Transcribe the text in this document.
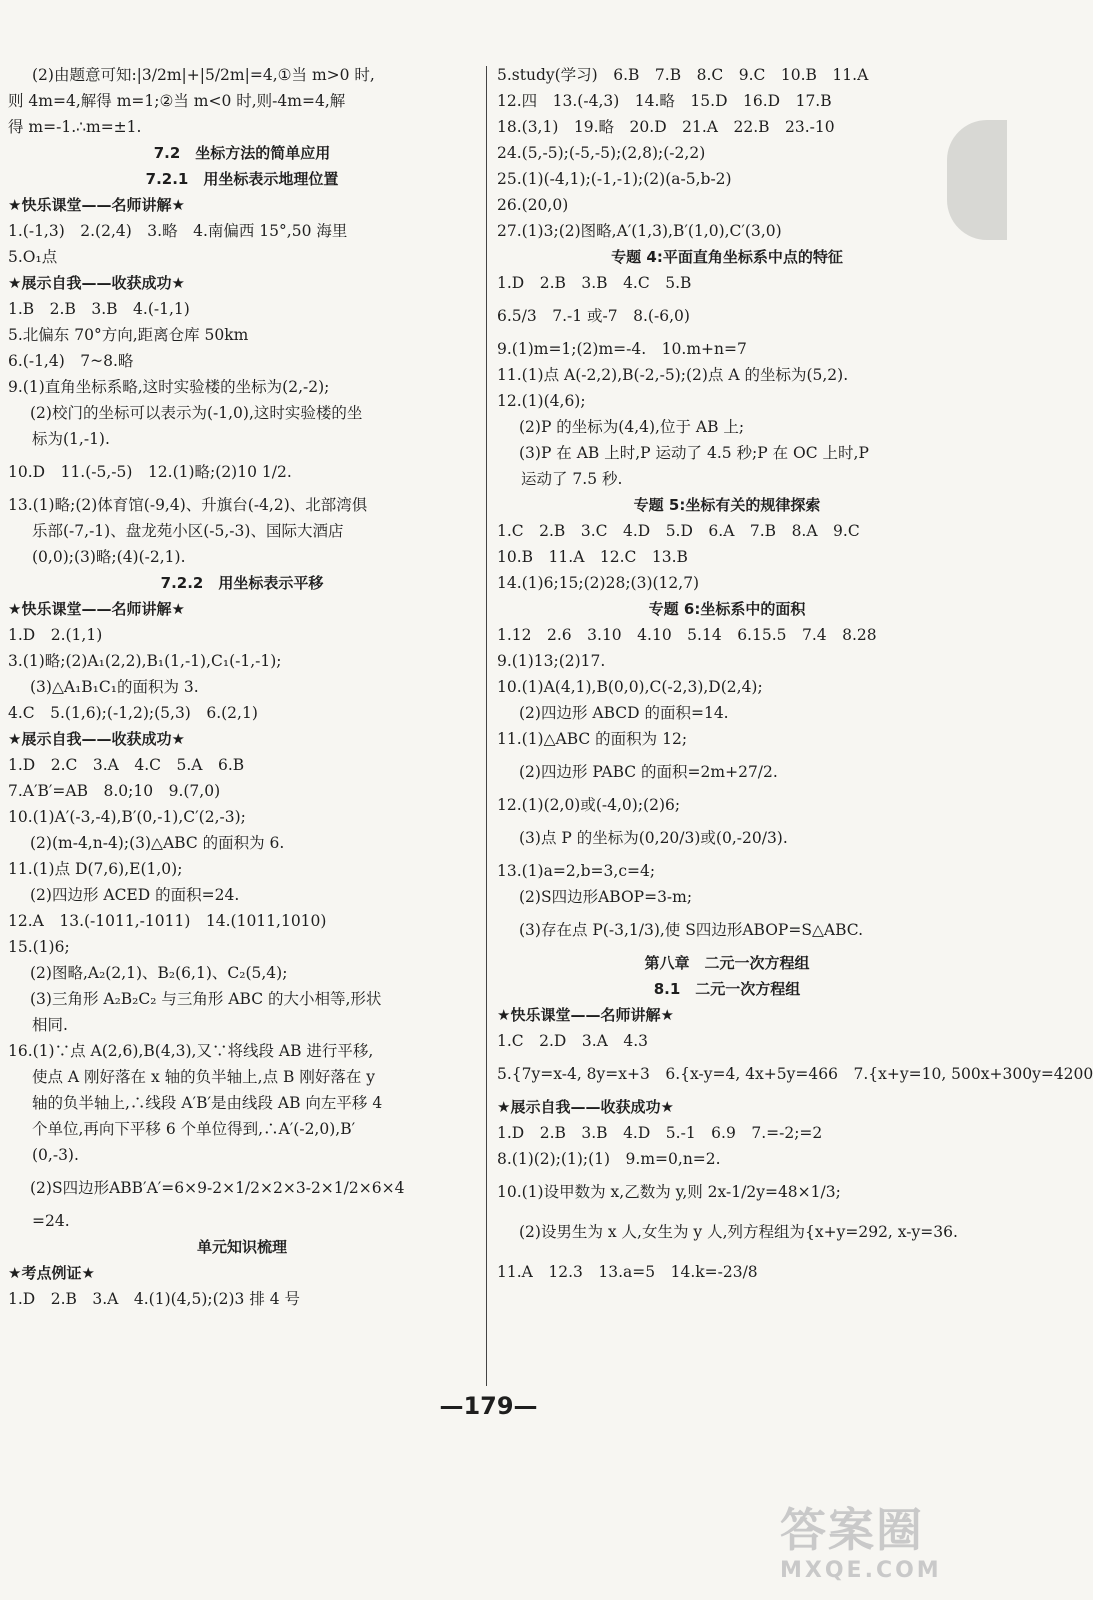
(2)由题意可知:|3/2m|+|5/2m|=4,①当 m>0 时,
则 4m=4,解得 m=1;②当 m<0 时,则-4m=4,解
得 m=-1.∴m=±1.
7.2　坐标方法的简单应用
7.2.1　用坐标表示地理位置
★快乐课堂——名师讲解★
1.(-1,3)　2.(2,4)　3.略　4.南偏西 15°,50 海里
5.O₁点
★展示自我——收获成功★
1.B　2.B　3.B　4.(-1,1)
5.北偏东 70°方向,距离仓库 50km
6.(-1,4)　7~8.略
9.(1)直角坐标系略,这时实验楼的坐标为(2,-2);
(2)校门的坐标可以表示为(-1,0),这时实验楼的坐
标为(1,-1).
10.D　11.(-5,-5)　12.(1)略;(2)10 1/2.
13.(1)略;(2)体育馆(-9,4)、升旗台(-4,2)、北部湾俱
乐部(-7,-1)、盘龙苑小区(-5,-3)、国际大酒店
(0,0);(3)略;(4)(-2,1).
7.2.2　用坐标表示平移
★快乐课堂——名师讲解★
1.D　2.(1,1)
3.(1)略;(2)A₁(2,2),B₁(1,-1),C₁(-1,-1);
(3)△A₁B₁C₁的面积为 3.
4.C　5.(1,6);(-1,2);(5,3)　6.(2,1)
★展示自我——收获成功★
1.D　2.C　3.A　4.C　5.A　6.B
7.A′B′=AB　8.0;10　9.(7,0)
10.(1)A′(-3,-4),B′(0,-1),C′(2,-3);
(2)(m-4,n-4);(3)△ABC 的面积为 6.
11.(1)点 D(7,6),E(1,0);
(2)四边形 ACED 的面积=24.
12.A　13.(-1011,-1011)　14.(1011,1010)
15.(1)6;
(2)图略,A₂(2,1)、B₂(6,1)、C₂(5,4);
(3)三角形 A₂B₂C₂ 与三角形 ABC 的大小相等,形状
相同.
16.(1)∵点 A(2,6),B(4,3),又∵将线段 AB 进行平移,
使点 A 刚好落在 x 轴的负半轴上,点 B 刚好落在 y
轴的负半轴上,∴线段 A′B′是由线段 AB 向左平移 4
个单位,再向下平移 6 个单位得到,∴A′(-2,0),B′
(0,-3).
(2)S四边形ABB′A′=6×9-2×1/2×2×3-2×1/2×6×4
=24.
单元知识梳理
★考点例证★
1.D　2.B　3.A　4.(1)(4,5);(2)3 排 4 号
5.study(学习)　6.B　7.B　8.C　9.C　10.B　11.A
12.四　13.(-4,3)　14.略　15.D　16.D　17.B
18.(3,1)　19.略　20.D　21.A　22.B　23.-10
24.(5,-5);(-5,-5);(2,8);(-2,2)
25.(1)(-4,1);(-1,-1);(2)(a-5,b-2)
26.(20,0)
27.(1)3;(2)图略,A′(1,3),B′(1,0),C′(3,0)
专题 4:平面直角坐标系中点的特征
1.D　2.B　3.B　4.C　5.B
6.5/3　7.-1 或-7　8.(-6,0)
9.(1)m=1;(2)m=-4.　10.m+n=7
11.(1)点 A(-2,2),B(-2,-5);(2)点 A 的坐标为(5,2).
12.(1)(4,6);
(2)P 的坐标为(4,4),位于 AB 上;
(3)P 在 AB 上时,P 运动了 4.5 秒;P 在 OC 上时,P
运动了 7.5 秒.
专题 5:坐标有关的规律探索
1.C　2.B　3.C　4.D　5.D　6.A　7.B　8.A　9.C
10.B　11.A　12.C　13.B
14.(1)6;15;(2)28;(3)(12,7)
专题 6:坐标系中的面积
1.12　2.6　3.10　4.10　5.14　6.15.5　7.4　8.28
9.(1)13;(2)17.
10.(1)A(4,1),B(0,0),C(-2,3),D(2,4);
(2)四边形 ABCD 的面积=14.
11.(1)△ABC 的面积为 12;
(2)四边形 PABC 的面积=2m+27/2.
12.(1)(2,0)或(-4,0);(2)6;
(3)点 P 的坐标为(0,20/3)或(0,-20/3).
13.(1)a=2,b=3,c=4;
(2)S四边形ABOP=3-m;
(3)存在点 P(-3,1/3),使 S四边形ABOP=S△ABC.
第八章　二元一次方程组
8.1　二元一次方程组
★快乐课堂——名师讲解★
1.C　2.D　3.A　4.3
5.{7y=x-4, 8y=x+3　6.{x-y=4, 4x+5y=466　7.{x+y=10, 500x+300y=4200
★展示自我——收获成功★
1.D　2.B　3.B　4.D　5.-1　6.9　7.=-2;=2
8.(1)(2);(1);(1)　9.m=0,n=2.
10.(1)设甲数为 x,乙数为 y,则 2x-1/2y=48×1/3;
(2)设男生为 x 人,女生为 y 人,列方程组为{x+y=292, x-y=36.
11.A　12.3　13.a=5　14.k=-23/8
—179—
答案圈
MXQE.COM
